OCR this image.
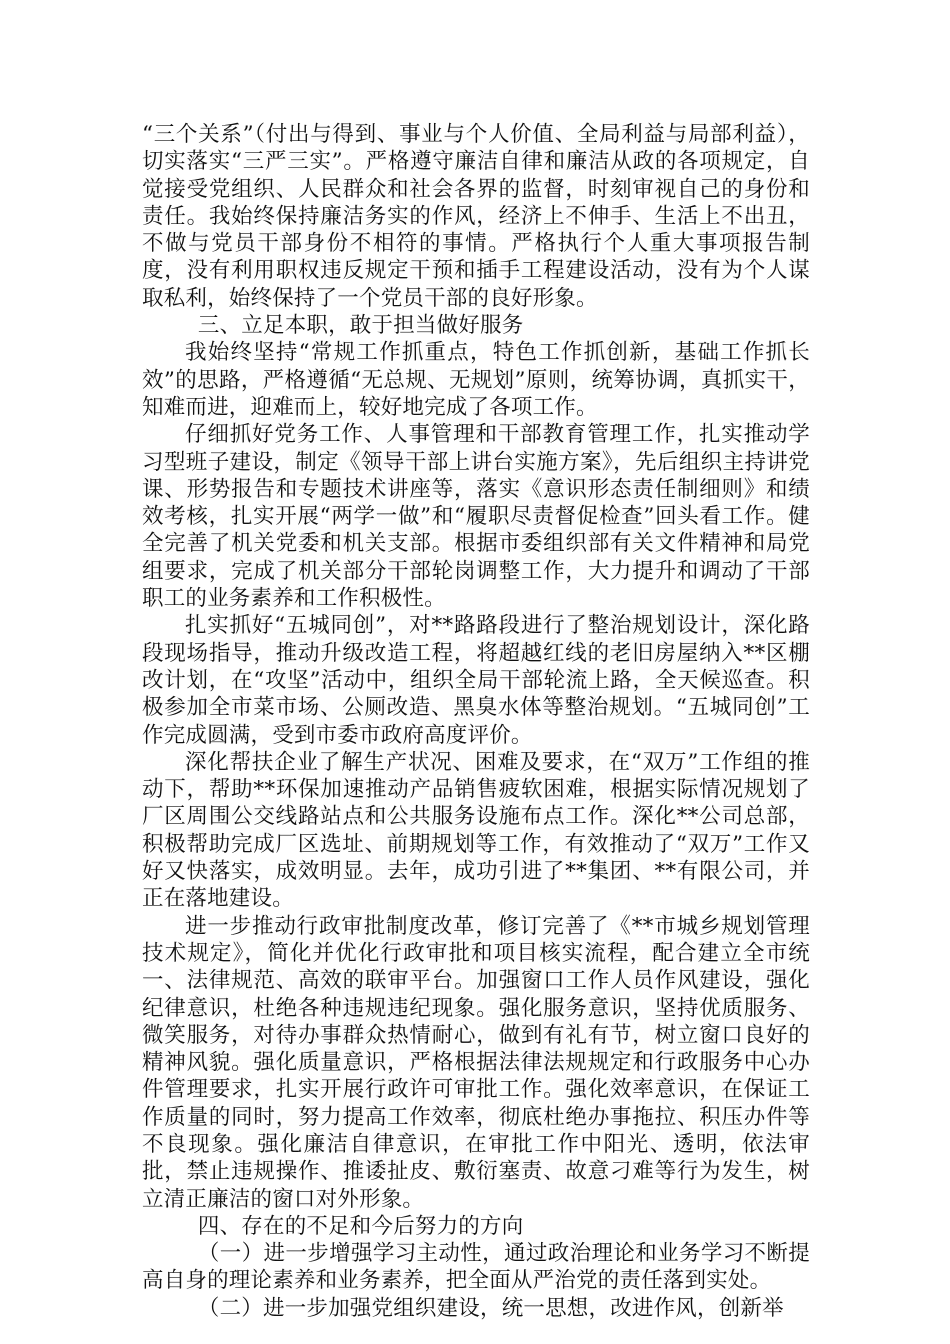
“三个关系”（付出与得到、事业与个人价值、全局利益与局部利益），切实落实“三严三实”。严格遵守廉洁自律和廉洁从政的各项规定，自觉接受党组织、人民群众和社会各界的监督，时刻审视自己的身份和责任。我始终保持廉洁务实的作风，经济上不伸手、生活上不出丑，不做与党员干部身份不相符的事情。严格执行个人重大事项报告制度，没有利用职权违反规定干预和插手工程建设活动，没有为个人谋取私利，始终保持了一个党员干部的良好形象。

三、立足本职，敢于担当做好服务

我始终坚持“常规工作抓重点，特色工作抓创新，基础工作抓长效”的思路，严格遵循“无总规、无规划”原则，统筹协调，真抓实干，知难而进，迎难而上，较好地完成了各项工作。

仔细抓好党务工作、人事管理和干部教育管理工作，扎实推动学习型班子建设，制定《领导干部上讲台实施方案》，先后组织主持讲党课、形势报告和专题技术讲座等，落实《意识形态责任制细则》和绩效考核，扎实开展“两学一做”和“履职尽责督促检查”回头看工作。健全完善了机关党委和机关支部。根据市委组织部有关文件精神和局党组要求，完成了机关部分干部轮岗调整工作，大力提升和调动了干部职工的业务素养和工作积极性。

扎实抓好“五城同创”，对**路路段进行了整治规划设计，深化路段现场指导，推动升级改造工程，将超越红线的老旧房屋纳入**区棚改计划，在“攻坚”活动中，组织全局干部轮流上路，全天候巡查。积极参加全市菜市场、公厕改造、黑臭水体等整治规划。“五城同创”工作完成圆满，受到市委市政府高度评价。

深化帮扶企业了解生产状况、困难及要求，在“双万”工作组的推动下，帮助**环保加速推动产品销售疲软困难，根据实际情况规划了厂区周围公交线路站点和公共服务设施布点工作。深化**公司总部，积极帮助完成厂区选址、前期规划等工作，有效推动了“双万”工作又好又快落实，成效明显。去年，成功引进了**集团、**有限公司，并正在落地建设。

进一步推动行政审批制度改革，修订完善了《**市城乡规划管理技术规定》，简化并优化行政审批和项目核实流程，配合建立全市统一、法律规范、高效的联审平台。加强窗口工作人员作风建设，强化纪律意识，杜绝各种违规违纪现象。强化服务意识，坚持优质服务、微笑服务，对待办事群众热情耐心，做到有礼有节，树立窗口良好的精神风貌。强化质量意识，严格根据法律法规规定和行政服务中心办件管理要求，扎实开展行政许可审批工作。强化效率意识，在保证工作质量的同时，努力提高工作效率，彻底杜绝办事拖拉、积压办件等不良现象。强化廉洁自律意识，在审批工作中阳光、透明，依法审批，禁止违规操作、推诿扯皮、敷衍塞责、故意刁难等行为发生，树立清正廉洁的窗口对外形象。

四、存在的不足和今后努力的方向

（一）进一步增强学习主动性，通过政治理论和业务学习不断提高自身的理论素养和业务素养，把全面从严治党的责任落到实处。

（二）进一步加强党组织建设，统一思想，改进作风，创新举
